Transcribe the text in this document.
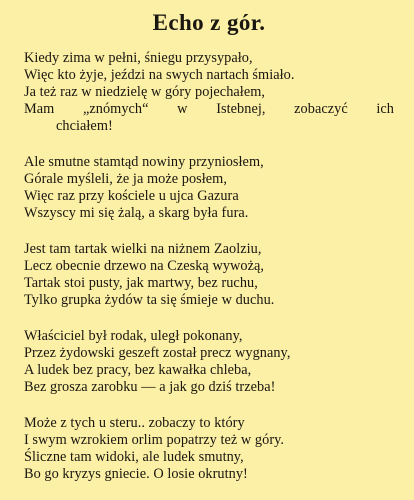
Echo z gór.
Kiedy zima w pełni, śniegu przysypało,
Więc kto żyje, jeździ na swych nartach śmiało.
Ja też raz w niedzielę w góry pojechałem,
Mam „znómych“ w Istebnej, zobaczyć ich
chciałem!
Ale smutne stamtąd nowiny przyniosłem,
Górale myśleli, że ja może posłem,
Więc raz przy kościele u ujca Gazura
Wszyscy mi się żalą, a skarg była fura.
Jest tam tartak wielki na niżnem Zaolziu,
Lecz obecnie drzewo na Czeską wywożą,
Tartak stoi pusty, jak martwy, bez ruchu,
Tylko grupka żydów ta się śmieje w duchu.
Właściciel był rodak, uległ pokonany,
Przez żydowski geszeft został precz wygnany,
A ludek bez pracy, bez kawałka chleba,
Bez grosza zarobku — a jak go dziś trzeba!
Może z tych u steru.. zobaczy to który
I swym wzrokiem orlim popatrzy też w góry.
Śliczne tam widoki, ale ludek smutny,
Bo go kryzys gniecie. O losie okrutny!
